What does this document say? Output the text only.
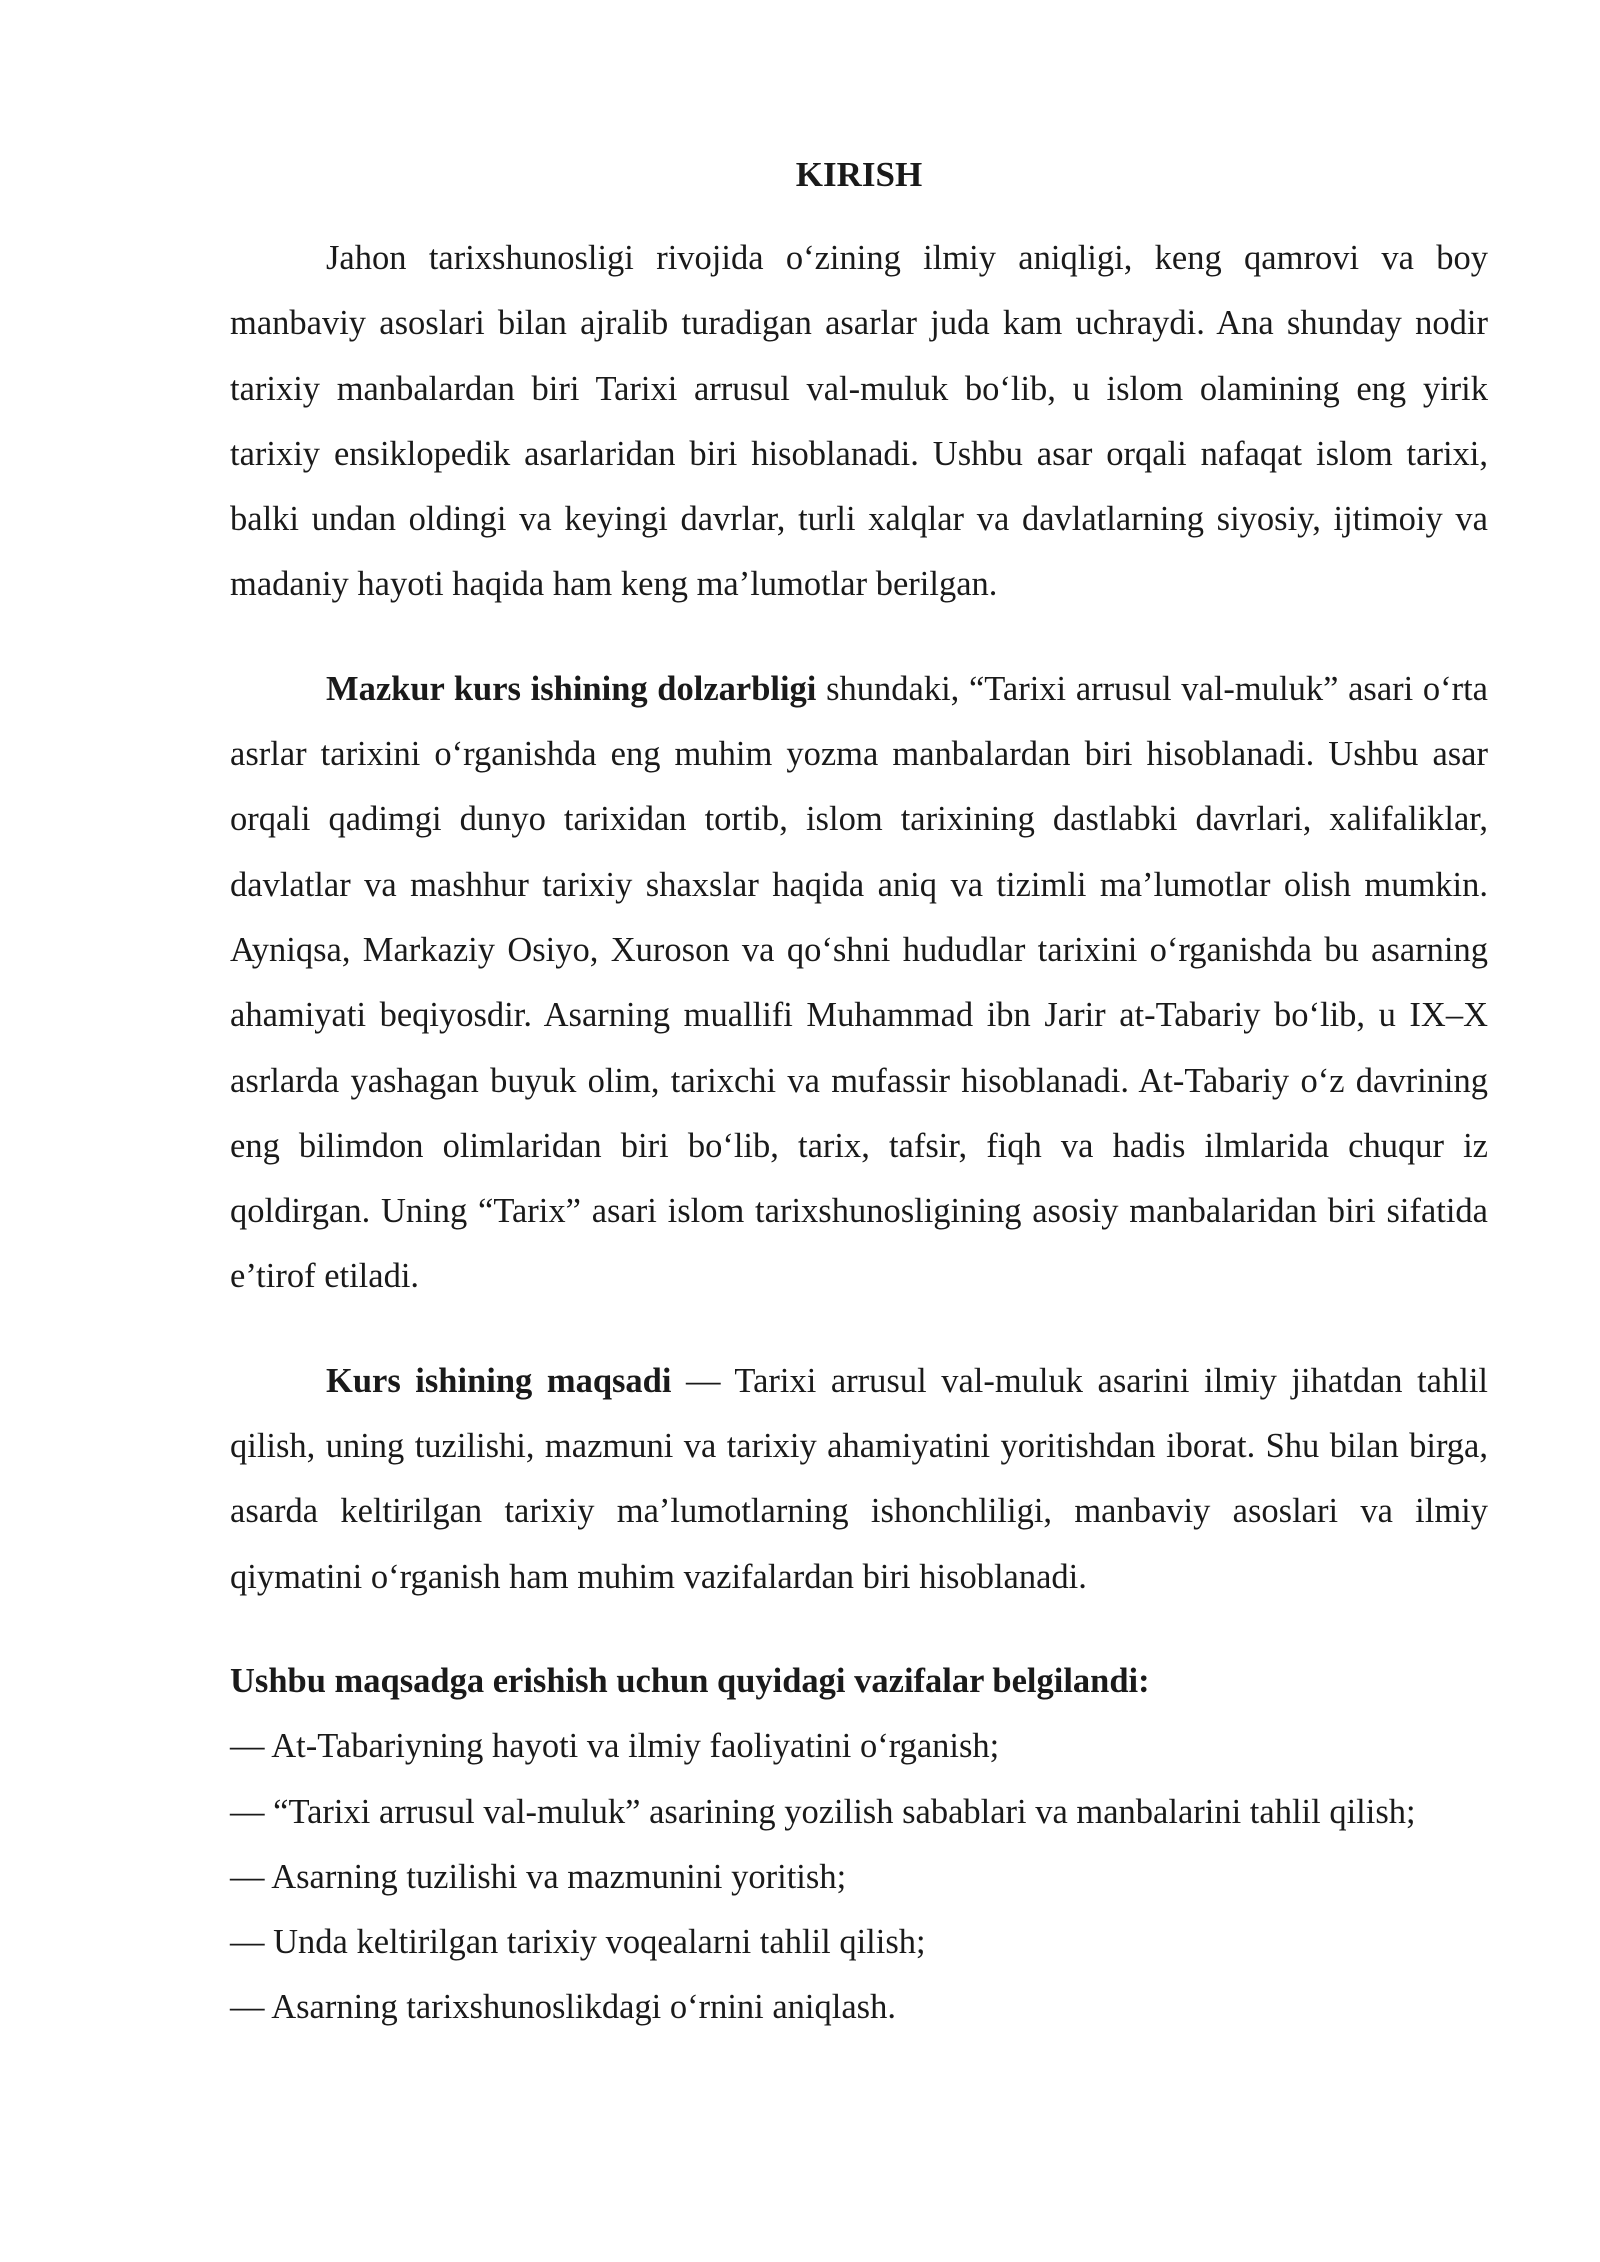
KIRISH

Jahon tarixshunosligi rivojida o‘zining ilmiy aniqligi, keng qamrovi va boy manbaviy asoslari bilan ajralib turadigan asarlar juda kam uchraydi. Ana shunday nodir tarixiy manbalardan biri Tarixi arrusul val-muluk bo‘lib, u islom olamining eng yirik tarixiy ensiklopedik asarlaridan biri hisoblanadi. Ushbu asar orqali nafaqat islom tarixi, balki undan oldingi va keyingi davrlar, turli xalqlar va davlatlarning siyosiy, ijtimoiy va madaniy hayoti haqida ham keng ma’lumotlar berilgan.

Mazkur kurs ishining dolzarbligi shundaki, “Tarixi arrusul val-muluk” asari o‘rta asrlar tarixini o‘rganishda eng muhim yozma manbalardan biri hisoblanadi. Ushbu asar orqali qadimgi dunyo tarixidan tortib, islom tarixining dastlabki davrlari, xalifaliklar, davlatlar va mashhur tarixiy shaxslar haqida aniq va tizimli ma’lumotlar olish mumkin. Ayniqsa, Markaziy Osiyo, Xuroson va qo‘shni hududlar tarixini o‘rganishda bu asarning ahamiyati beqiyosdir. Asarning muallifi Muhammad ibn Jarir at-Tabariy bo‘lib, u IX–X asrlarda yashagan buyuk olim, tarixchi va mufassir hisoblanadi. At-Tabariy o‘z davrining eng bilimdon olimlaridan biri bo‘lib, tarix, tafsir, fiqh va hadis ilmlarida chuqur iz qoldirgan. Uning “Tarix” asari islom tarixshunosligining asosiy manbalaridan biri sifatida e’tirof etiladi.

Kurs ishining maqsadi — Tarixi arrusul val-muluk asarini ilmiy jihatdan tahlil qilish, uning tuzilishi, mazmuni va tarixiy ahamiyatini yoritishdan iborat. Shu bilan birga, asarda keltirilgan tarixiy ma’lumotlarning ishonchliligi, manbaviy asoslari va ilmiy qiymatini o‘rganish ham muhim vazifalardan biri hisoblanadi.

Ushbu maqsadga erishish uchun quyidagi vazifalar belgilandi:

— At-Tabariyning hayoti va ilmiy faoliyatini o‘rganish;
— “Tarixi arrusul val-muluk” asarining yozilish sabablari va manbalarini tahlil qilish;
— Asarning tuzilishi va mazmunini yoritish;
— Unda keltirilgan tarixiy voqealarni tahlil qilish;
— Asarning tarixshunoslikdagi o‘rnini aniqlash.
